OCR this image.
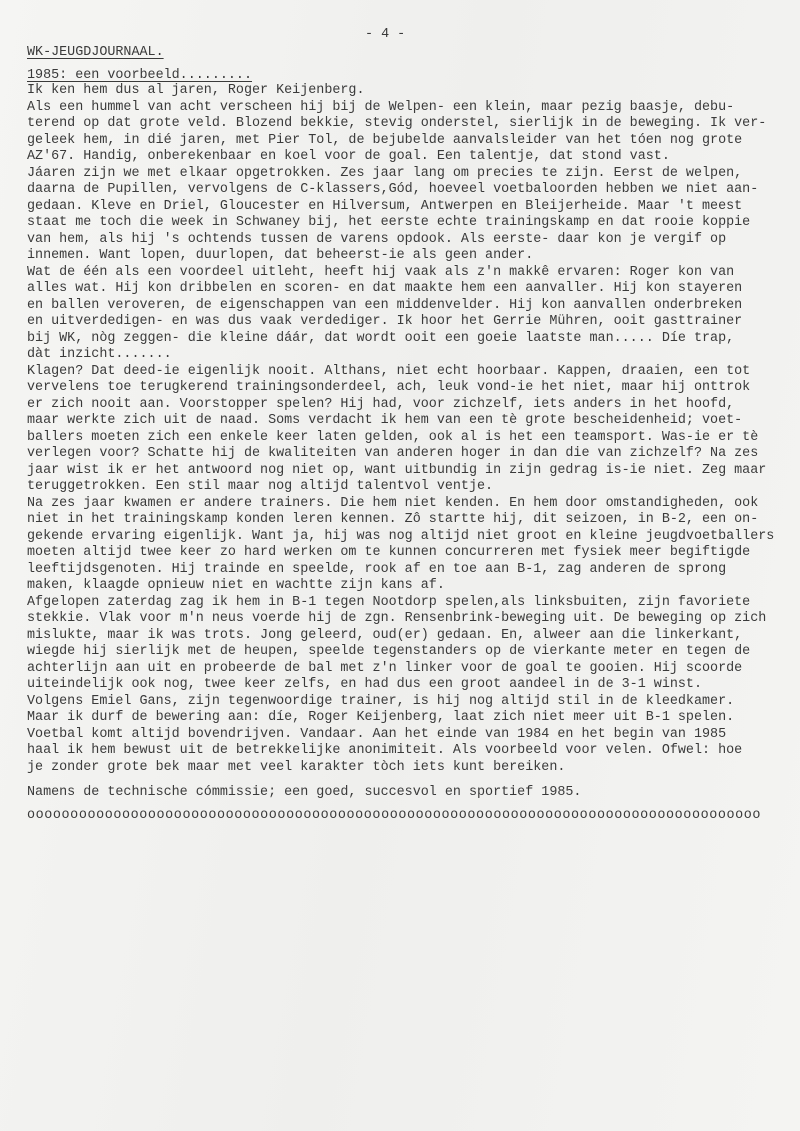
- 4 -
WK-JEUGDJOURNAAL.
1985: een voorbeeld.........
Ik ken hem dus al jaren, Roger Keijenberg.
Als een hummel van acht verscheen hij bij de Welpen- een klein, maar pezig baasje, debu-
terend op dat grote veld. Blozend bekkie, stevig onderstel, sierlijk in de beweging. Ik ver-
geleek hem, in dié jaren, met Pier Tol, de bejubelde aanvalsleider van het tóen nog grote
AZ'67. Handig, onberekenbaar en koel voor de goal. Een talentje, dat stond vast.
Jáaren zijn we met elkaar opgetrokken. Zes jaar lang om precies te zijn. Eerst de welpen,
daarna de Pupillen, vervolgens de C-klassers,Gód, hoeveel voetbaloorden hebben we niet aan-
gedaan. Kleve en Driel, Gloucester en Hilversum, Antwerpen en Bleijerheide. Maar 't meest
staat me toch die week in Schwaney bij, het eerste echte trainingskamp en dat rooie koppie
van hem, als hij 's ochtends tussen de varens opdook. Als eerste- daar kon je vergif op
innemen. Want lopen, duurlopen, dat beheerst-ie als geen ander.
Wat de één als een voordeel uitleht, heeft hij vaak als z'n makkê ervaren: Roger kon van
alles wat. Hij kon dribbelen en scoren- en dat maakte hem een aanvaller. Hij kon stayeren
en ballen veroveren, de eigenschappen van een middenvelder. Hij kon aanvallen onderbreken
en uitverdedigen- en was dus vaak verdediger. Ik hoor het Gerrie Mühren, ooit gasttrainer
bij WK, nòg zeggen- die kleine dáár, dat wordt ooit een goeie laatste man..... Díe trap,
dàt inzicht.......
Klagen? Dat deed-ie eigenlijk nooit. Althans, niet echt hoorbaar. Kappen, draaien, een tot
vervelens toe terugkerend trainingsonderdeel, ach, leuk vond-ie het niet, maar hij onttrok
er zich nooit aan. Voorstopper spelen? Hij had, voor zichzelf, iets anders in het hoofd,
maar werkte zich uit de naad. Soms verdacht ik hem van een tè grote bescheidenheid; voet-
ballers moeten zich een enkele keer laten gelden, ook al is het een teamsport. Was-ie er tè
verlegen voor? Schatte hij de kwaliteiten van anderen hoger in dan die van zichzelf? Na zes
jaar wist ik er het antwoord nog niet op, want uitbundig in zijn gedrag is-ie niet. Zeg maar
teruggetrokken. Een stil maar nog altijd talentvol ventje.
Na zes jaar kwamen er andere trainers. Die hem niet kenden. En hem door omstandigheden, ook
niet in het trainingskamp konden leren kennen. Zô startte hij, dit seizoen, in B-2, een on-
gekende ervaring eigenlijk. Want ja, hij was nog altijd niet groot en kleine jeugdvoetballers
moeten altijd twee keer zo hard werken om te kunnen concurreren met fysiek meer begiftigde
leeftijdsgenoten. Hij trainde en speelde, rook af en toe aan B-1, zag anderen de sprong
maken, klaagde opnieuw niet en wachtte zijn kans af.
Afgelopen zaterdag zag ik hem in B-1 tegen Nootdorp spelen,als linksbuiten, zijn favoriete
stekkie. Vlak voor m'n neus voerde hij de zgn. Rensenbrink-beweging uit. De beweging op zich
mislukte, maar ik was trots. Jong geleerd, oud(er) gedaan. En, alweer aan die linkerkant,
wiegde hij sierlijk met de heupen, speelde tegenstanders op de vierkante meter en tegen de
achterlijn aan uit en probeerde de bal met z'n linker voor de goal te gooien. Hij scoorde
uiteindelijk ook nog, twee keer zelfs, en had dus een groot aandeel in de 3-1 winst.
Volgens Emiel Gans, zijn tegenwoordige trainer, is hij nog altijd stil in de kleedkamer.
Maar ik durf de bewering aan: díe, Roger Keijenberg, laat zich niet meer uit B-1 spelen.
Voetbal komt altijd bovendrijven. Vandaar. Aan het einde van 1984 en het begin van 1985
haal ik hem bewust uit de betrekkelijke anonimiteit. Als voorbeeld voor velen. Ofwel: hoe
je zonder grote bek maar met veel karakter tòch iets kunt bereiken.
Namens de technische cómmissie; een goed, succesvol en sportief 1985.
ooooooooooooooooooooooooooooooooooooooooooooooooooooooooooooooooooooooooooooooooooooo
